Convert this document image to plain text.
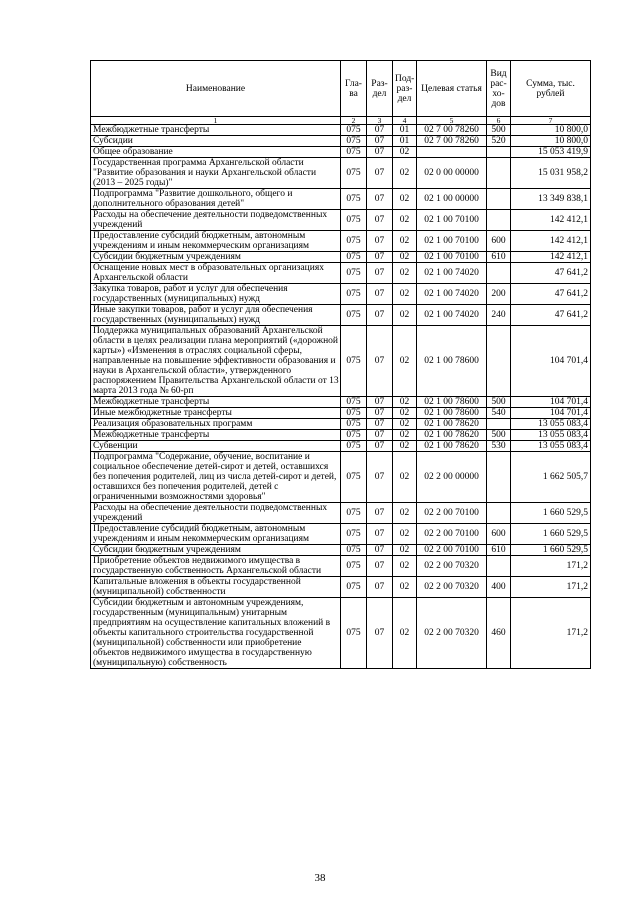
Наименование	Гла-ва	Раз-дел	Под-раз-дел	Целевая статья	Вид рас-хо-дов	Сумма, тыс. рублей
1	2	3	4	5	6	7
Межбюджетные трансферты	075	07	01	02 7 00 78260	500	10 800,0
Субсидии	075	07	01	02 7 00 78260	520	10 800,0
Общее образование	075	07	02			15 053 419,9
Государственная программа Архангельской области "Развитие образования и науки Архангельской области (2013 – 2025 годы)"	075	07	02	02 0 00 00000		15 031 958,2
Подпрограмма "Развитие дошкольного, общего и дополнительного образования детей"	075	07	02	02 1 00 00000		13 349 838,1
Расходы на обеспечение деятельности подведомственных учреждений	075	07	02	02 1 00 70100		142 412,1
Предоставление субсидий бюджетным, автономным учреждениям и иным некоммерческим организациям	075	07	02	02 1 00 70100	600	142 412,1
Субсидии бюджетным учреждениям	075	07	02	02 1 00 70100	610	142 412,1
Оснащение новых мест в образовательных организациях Архангельской области	075	07	02	02 1 00 74020		47 641,2
Закупка товаров, работ и услуг для обеспечения государственных (муниципальных) нужд	075	07	02	02 1 00 74020	200	47 641,2
Иные закупки товаров, работ и услуг для обеспечения государственных (муниципальных) нужд	075	07	02	02 1 00 74020	240	47 641,2
Поддержка муниципальных образований Архангельской области в целях реализации плана мероприятий («дорожной карты») «Изменения в отраслях социальной сферы, направленные на повышение эффективности образования и науки в Архангельской области», утвержденного распоряжением Правительства Архангельской области от 13 марта 2013 года № 60-рп	075	07	02	02 1 00 78600		104 701,4
Межбюджетные трансферты	075	07	02	02 1 00 78600	500	104 701,4
Иные межбюджетные трансферты	075	07	02	02 1 00 78600	540	104 701,4
Реализация образовательных программ	075	07	02	02 1 00 78620		13 055 083,4
Межбюджетные трансферты	075	07	02	02 1 00 78620	500	13 055 083,4
Субвенции	075	07	02	02 1 00 78620	530	13 055 083,4
Подпрограмма "Содержание, обучение, воспитание и социальное обеспечение детей-сирот и детей, оставшихся без попечения родителей, лиц из числа детей-сирот и детей, оставшихся без попечения родителей, детей с ограниченными возможностями здоровья"	075	07	02	02 2 00 00000		1 662 505,7
Расходы на обеспечение деятельности подведомственных учреждений	075	07	02	02 2 00 70100		1 660 529,5
Предоставление субсидий бюджетным, автономным учреждениям и иным некоммерческим организациям	075	07	02	02 2 00 70100	600	1 660 529,5
Субсидии бюджетным учреждениям	075	07	02	02 2 00 70100	610	1 660 529,5
Приобретение объектов недвижимого имущества в государственную собственность Архангельской области	075	07	02	02 2 00 70320		171,2
Капитальные вложения в объекты государственной (муниципальной) собственности	075	07	02	02 2 00 70320	400	171,2
Субсидии бюджетным и автономным учреждениям, государственным (муниципальным) унитарным предприятиям на осуществление капитальных вложений в объекты капитального строительства государственной (муниципальной) собственности или приобретение объектов недвижимого имущества в государственную (муниципальную) собственность	075	07	02	02 2 00 70320	460	171,2
38
